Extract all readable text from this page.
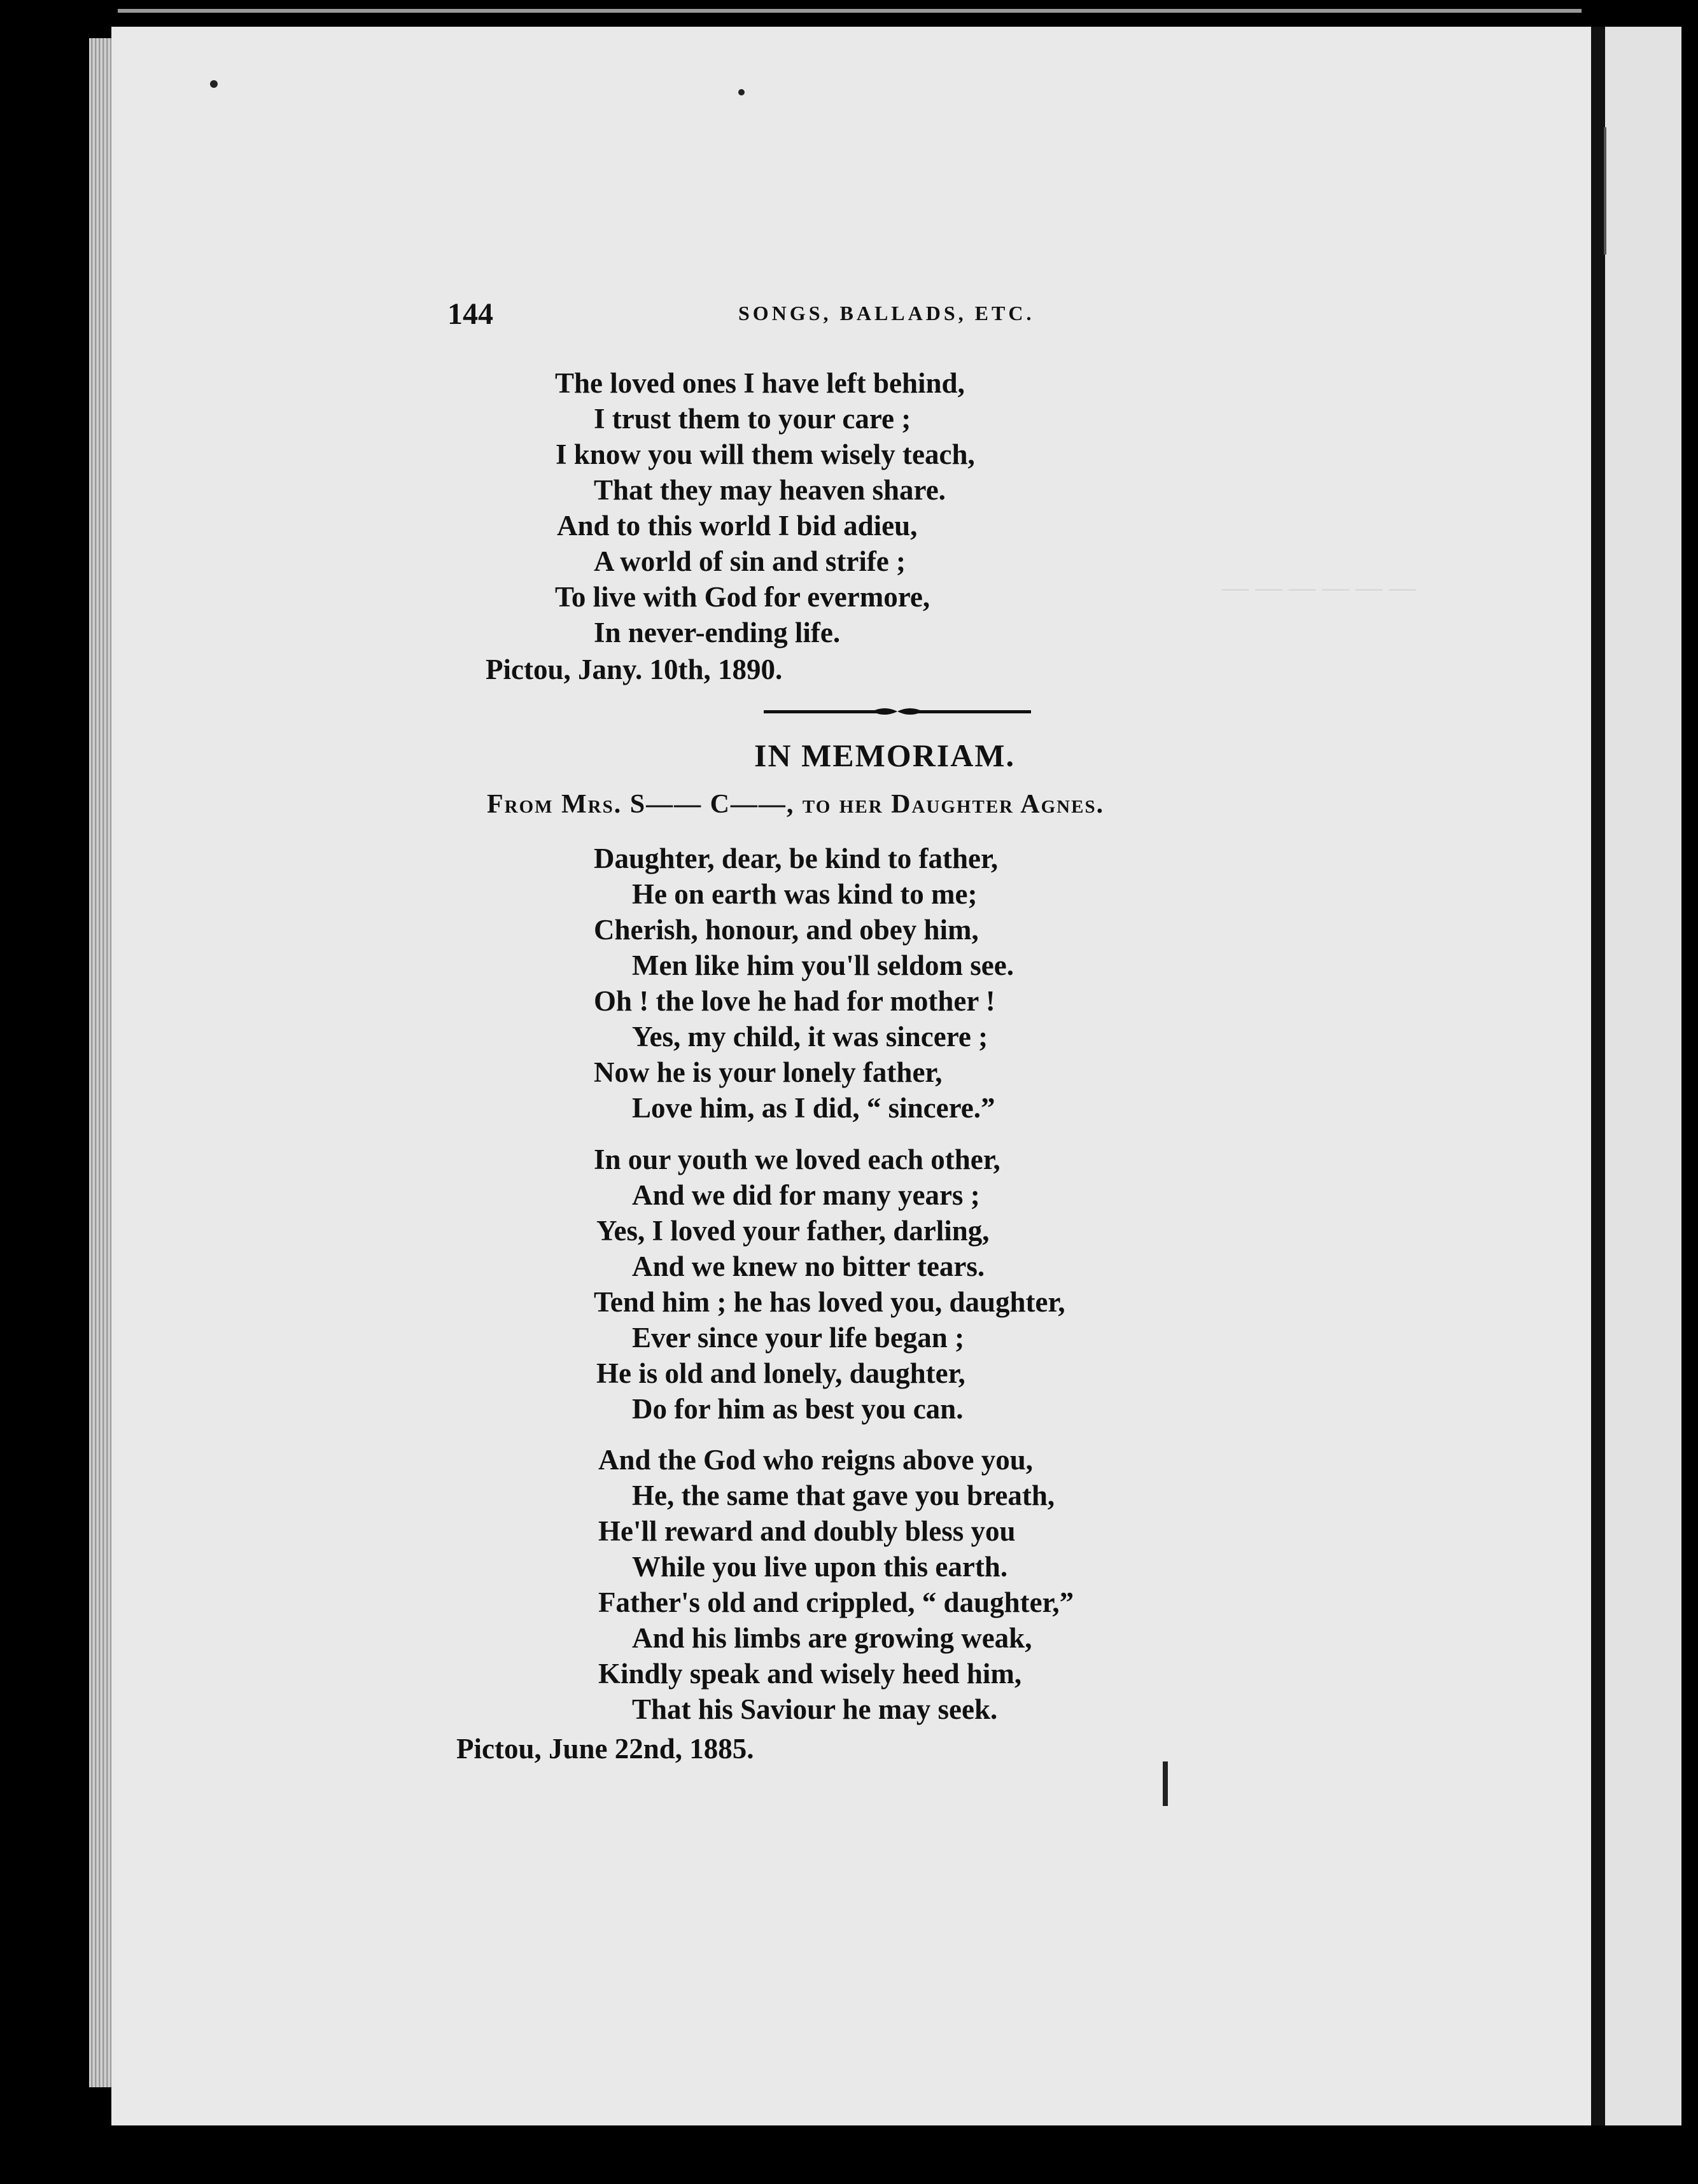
— — — — — —
144	SONGS, BALLADS, ETC.
The loved ones I have left behind,
I trust them to your care ;
I know you will them wisely teach,
That they may heaven share.
And to this world I bid adieu,
A world of sin and strife ;
To live with God for evermore,
In never-ending life.
Pictou, Jany. 10th, 1890.
IN MEMORIAM.
From Mrs. S—— C——, to her Daughter Agnes.
Daughter, dear, be kind to father,
He on earth was kind to me;
Cherish, honour, and obey him,
Men like him you'll seldom see.
Oh ! the love he had for mother !
Yes, my child, it was sincere ;
Now he is your lonely father,
Love him, as I did, “ sincere.”
In our youth we loved each other,
And we did for many years ;
Yes, I loved your father, darling,
And we knew no bitter tears.
Tend him ; he has loved you, daughter,
Ever since your life began ;
He is old and lonely, daughter,
Do for him as best you can.
And the God who reigns above you,
He, the same that gave you breath,
He'll reward and doubly bless you
While you live upon this earth.
Father's old and crippled, “ daughter,”
And his limbs are growing weak,
Kindly speak and wisely heed him,
That his Saviour he may seek.
Pictou, June 22nd, 1885.
